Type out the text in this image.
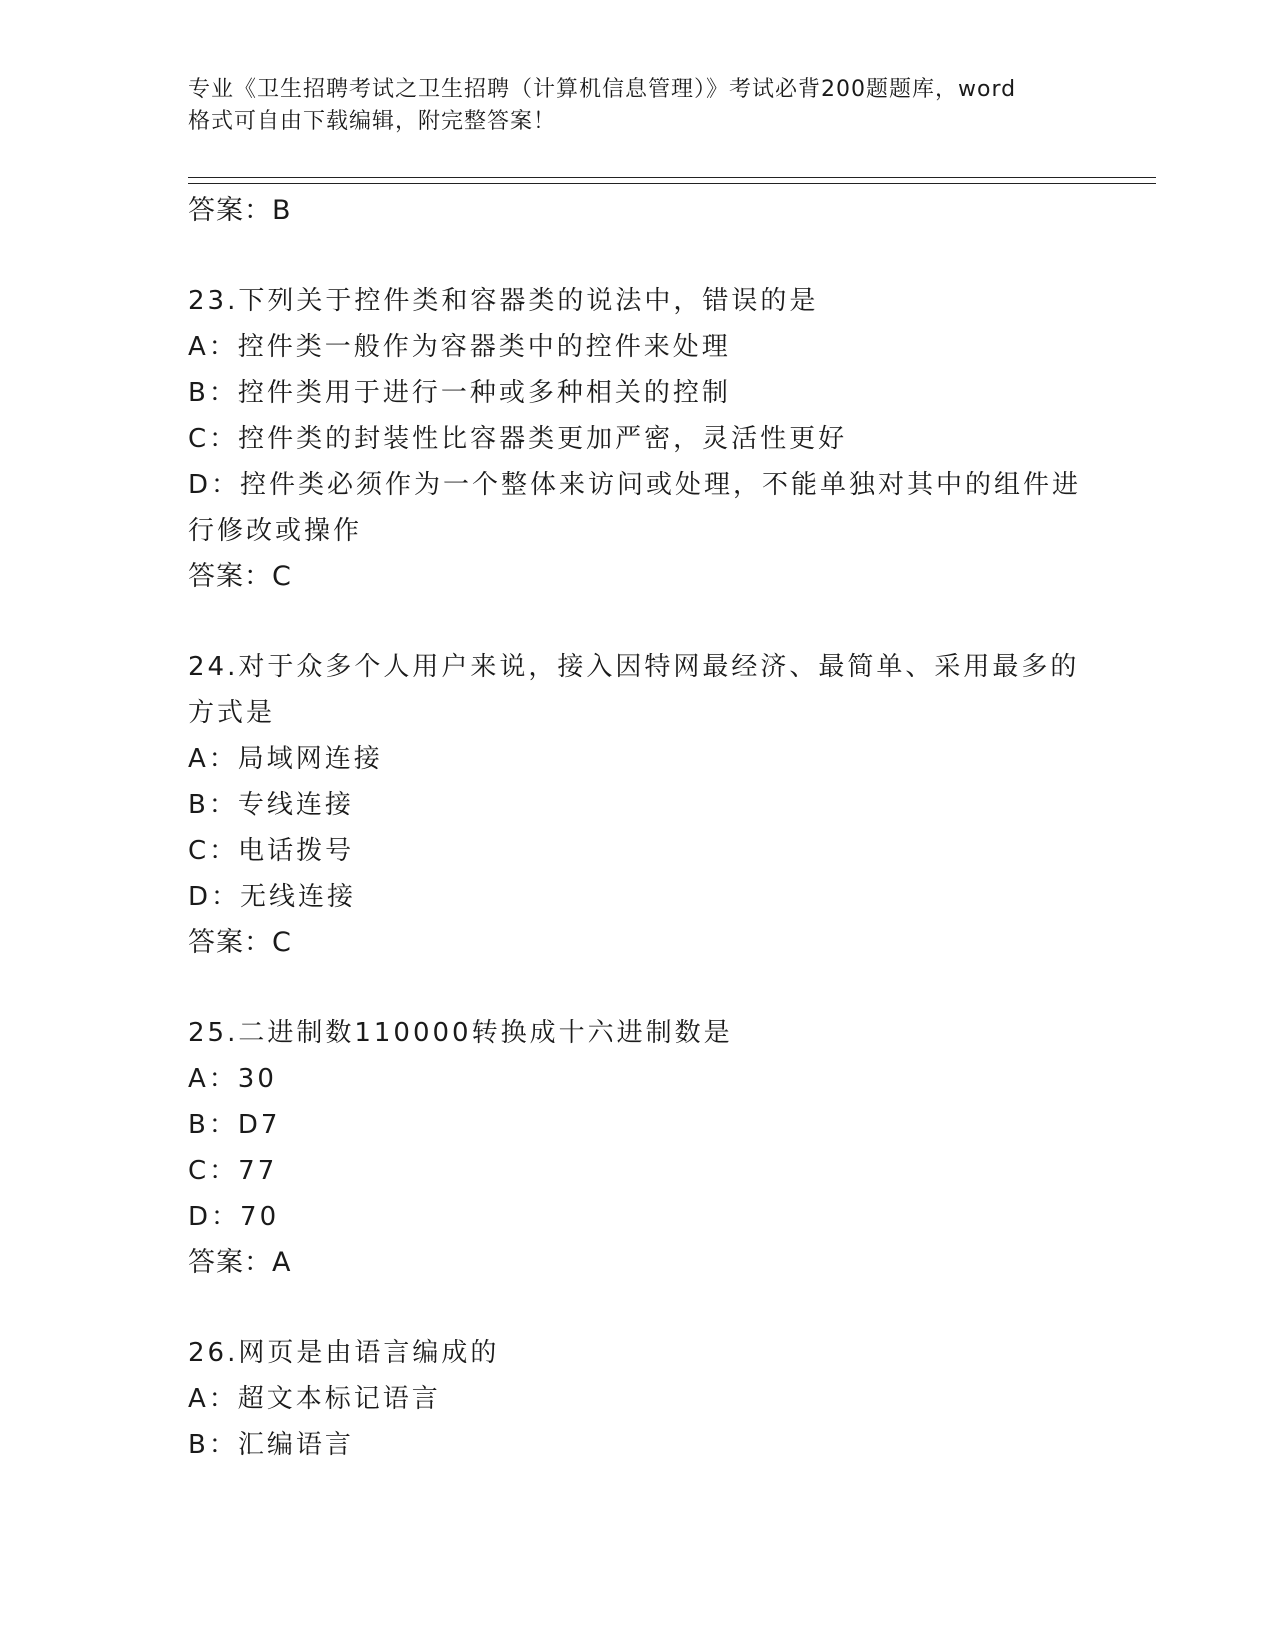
专业《卫生招聘考试之卫生招聘（计算机信息管理）》考试必背200题题库，word
格式可自由下载编辑，附完整答案！
答案：B
23.下列关于控件类和容器类的说法中，错误的是
A：控件类一般作为容器类中的控件来处理
B：控件类用于进行一种或多种相关的控制
C：控件类的封装性比容器类更加严密，灵活性更好
D：控件类必须作为一个整体来访问或处理，不能单独对其中的组件进
行修改或操作
答案：C
24.对于众多个人用户来说，接入因特网最经济、最简单、采用最多的
方式是
A：局域网连接
B：专线连接
C：电话拨号
D：无线连接
答案：C
25.二进制数110000转换成十六进制数是
A：30
B：D7
C：77
D：70
答案：A
26.网页是由语言编成的
A：超文本标记语言
B：汇编语言
